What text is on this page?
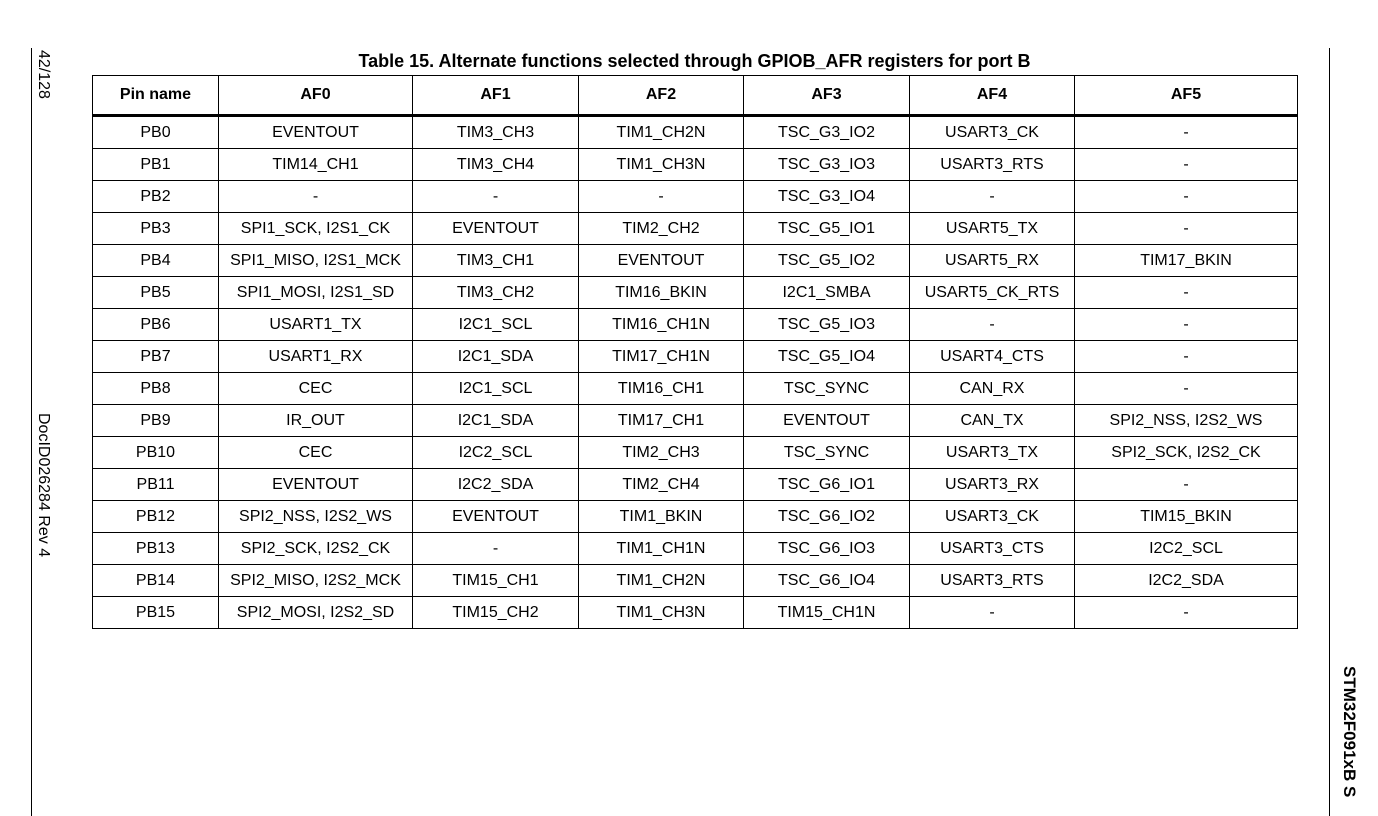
42/128
DocID026284 Rev 4
STM32F091xB S
Table 15. Alternate functions selected through GPIOB_AFR registers for port B
Pin name	AF0	AF1	AF2	AF3	AF4	AF5
PB0	EVENTOUT	TIM3_CH3	TIM1_CH2N	TSC_G3_IO2	USART3_CK	-
PB1	TIM14_CH1	TIM3_CH4	TIM1_CH3N	TSC_G3_IO3	USART3_RTS	-
PB2	-	-	-	TSC_G3_IO4	-	-
PB3	SPI1_SCK, I2S1_CK	EVENTOUT	TIM2_CH2	TSC_G5_IO1	USART5_TX	-
PB4	SPI1_MISO, I2S1_MCK	TIM3_CH1	EVENTOUT	TSC_G5_IO2	USART5_RX	TIM17_BKIN
PB5	SPI1_MOSI, I2S1_SD	TIM3_CH2	TIM16_BKIN	I2C1_SMBA	USART5_CK_RTS	-
PB6	USART1_TX	I2C1_SCL	TIM16_CH1N	TSC_G5_IO3	-	-
PB7	USART1_RX	I2C1_SDA	TIM17_CH1N	TSC_G5_IO4	USART4_CTS	-
PB8	CEC	I2C1_SCL	TIM16_CH1	TSC_SYNC	CAN_RX	-
PB9	IR_OUT	I2C1_SDA	TIM17_CH1	EVENTOUT	CAN_TX	SPI2_NSS, I2S2_WS
PB10	CEC	I2C2_SCL	TIM2_CH3	TSC_SYNC	USART3_TX	SPI2_SCK, I2S2_CK
PB11	EVENTOUT	I2C2_SDA	TIM2_CH4	TSC_G6_IO1	USART3_RX	-
PB12	SPI2_NSS, I2S2_WS	EVENTOUT	TIM1_BKIN	TSC_G6_IO2	USART3_CK	TIM15_BKIN
PB13	SPI2_SCK, I2S2_CK	-	TIM1_CH1N	TSC_G6_IO3	USART3_CTS	I2C2_SCL
PB14	SPI2_MISO, I2S2_MCK	TIM15_CH1	TIM1_CH2N	TSC_G6_IO4	USART3_RTS	I2C2_SDA
PB15	SPI2_MOSI, I2S2_SD	TIM15_CH2	TIM1_CH3N	TIM15_CH1N	-	-
